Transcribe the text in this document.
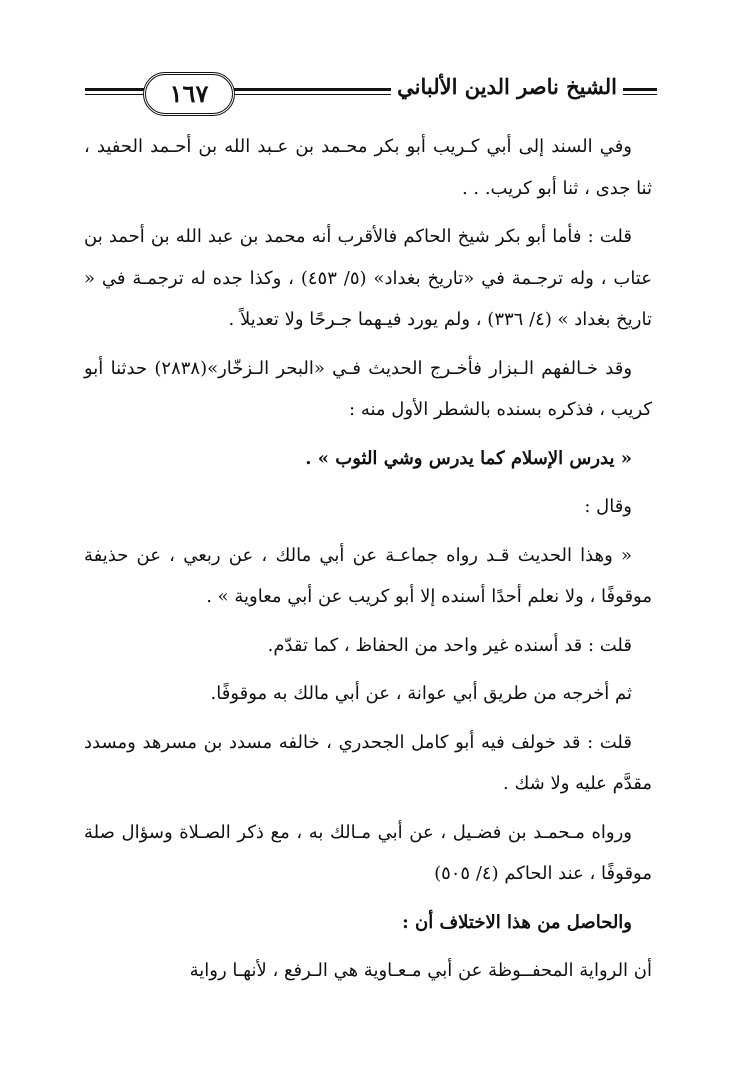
١٦٧	الشيخ ناصر الدين الألباني

وفي السند إلى أبي كـريب أبو بكر محـمد بن عـبد الله بن أحـمد الحفيد ، ثنا جدى ، ثنا أبو كريب. . .

قلت : فأما أبو بكر شيخ الحاكم فالأقرب أنه محمد بن عبد الله بن أحمد بن عتاب ، وله ترجـمة في «تاريخ بغداد» (٥/ ٤٥٣) ، وكذا جده له ترجمـة في « تاريخ بغداد » (٤/ ٣٣٦) ، ولم يورد فيـهما جـرحًا ولا تعديلاً .

وقد خـالفهم الـبزار فأخـرج الحديث فـي «البحر الـزخّار»(٢٨٣٨) حدثنا أبو كريب ، فذكره بسنده بالشطر الأول منه :

« يدرس الإسلام كما يدرس وشي الثوب » .

وقال :

« وهذا الحديث قـد رواه جماعـة عن أبي مالك ، عن ربعي ، عن حذيفة موقوفًا ، ولا نعلم أحدًا أسنده إلا أبو كريب عن أبي معاوية » .

قلت : قد أسنده غير واحد من الحفاظ ، كما تقدّم.

ثم أخرجه من طريق أبي عوانة ، عن أبي مالك به موقوفًا.

قلت : قد خولف فيه أبو كامل الجحدري ، خالفه مسدد بن مسرهد ومسدد مقدَّم عليه ولا شك .

ورواه مـحمـد بن فضـيل ، عن أبي مـالك به ، مع ذكر الصـلاة وسؤال صلة موقوفًا ، عند الحاكم (٤/ ٥٠٥)

والحاصل من هذا الاختلاف أن :

أن الرواية المحفــوظة عن أبي مـعـاوية هي الـرفع ، لأنهـا رواية
